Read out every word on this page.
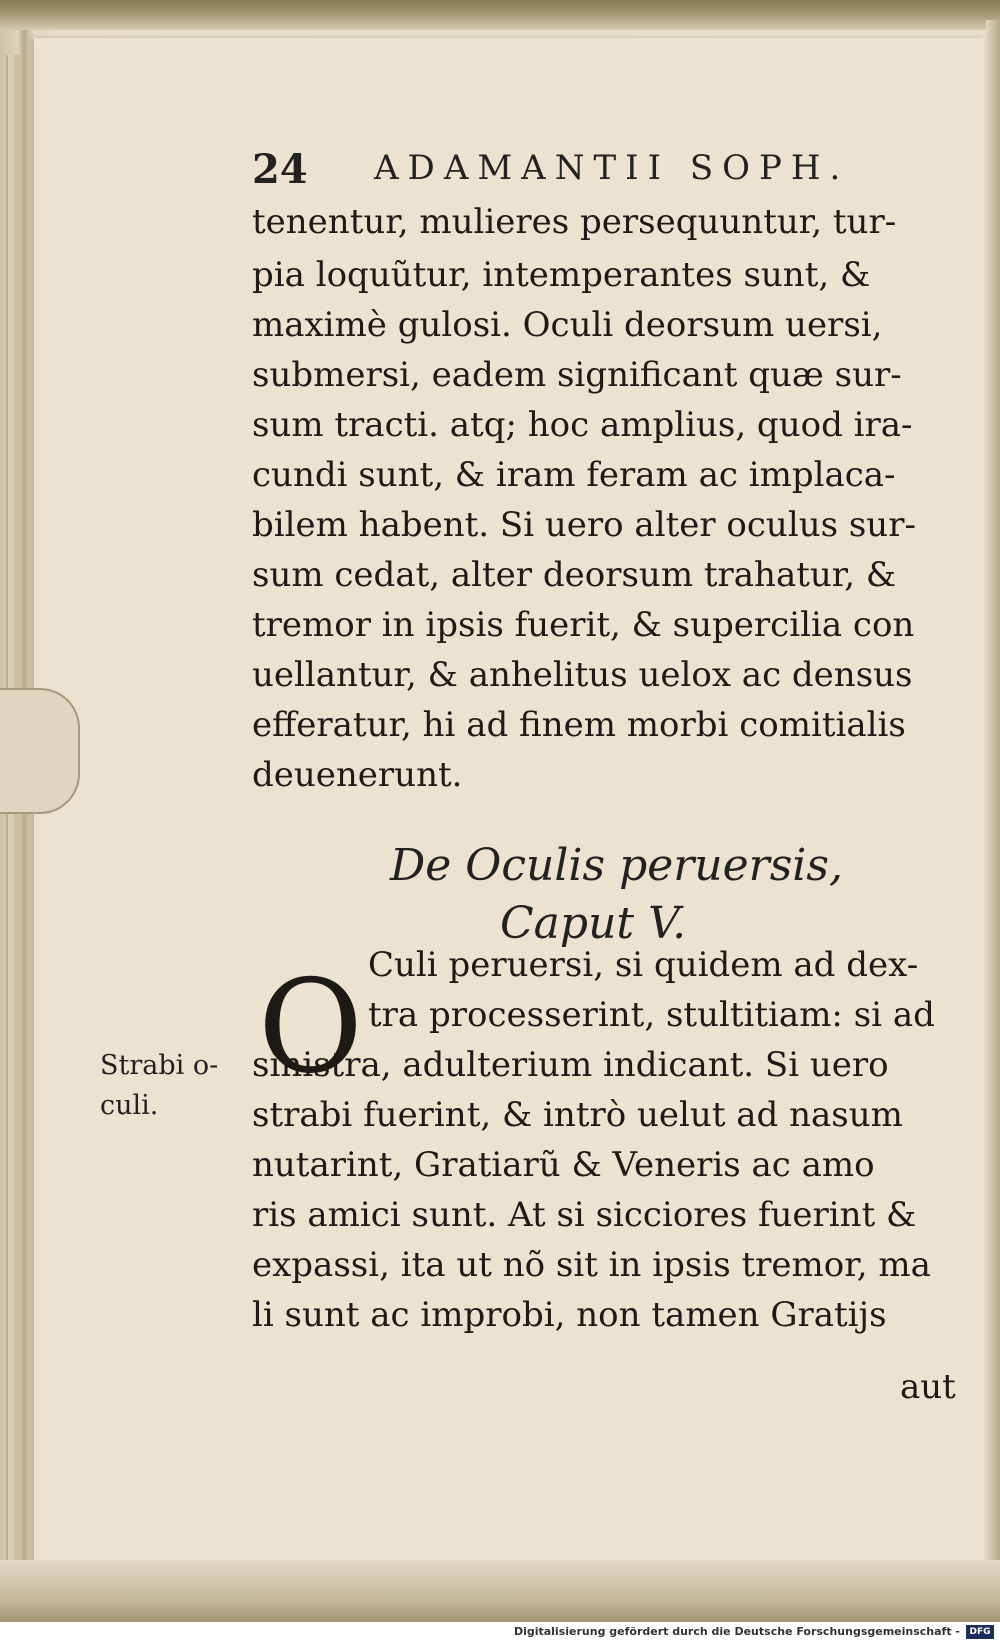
24 ADAMANTII SOPH.
tenentur, mulieres persequuntur, tur-
pia loquũtur, intemperantes sunt, &
maximè gulosi. Oculi deorsum uersi,
submersi, eadem significant quæ sur-
sum tracti. atq; hoc amplius, quod ira-
cundi sunt, & iram feram ac implaca-
bilem habent. Si uero alter oculus sur-
sum cedat, alter deorsum trahatur, &
tremor in ipsis fuerit, & supercilia con
uellantur, & anhelitus uelox ac densus
efferatur, hi ad finem morbi comitialis
deuenerunt.
De Oculis peruersis,
Caput V.
O Culi peruersi, si quidem ad dex-
tra processerint, stultitiam: si ad
sinistra, adulterium indicant. Si uero
strabi fuerint, & intrò uelut ad nasum
nutarint, Gratiarũ & Veneris ac amo
ris amici sunt. At si sicciores fuerint &
expassi, ita ut nõ sit in ipsis tremor, ma
li sunt ac improbi, non tamen Gratijs
aut
Strabi o-
culi.
Digitalisierung gefördert durch die Deutsche Forschungsgemeinschaft -	DFG
